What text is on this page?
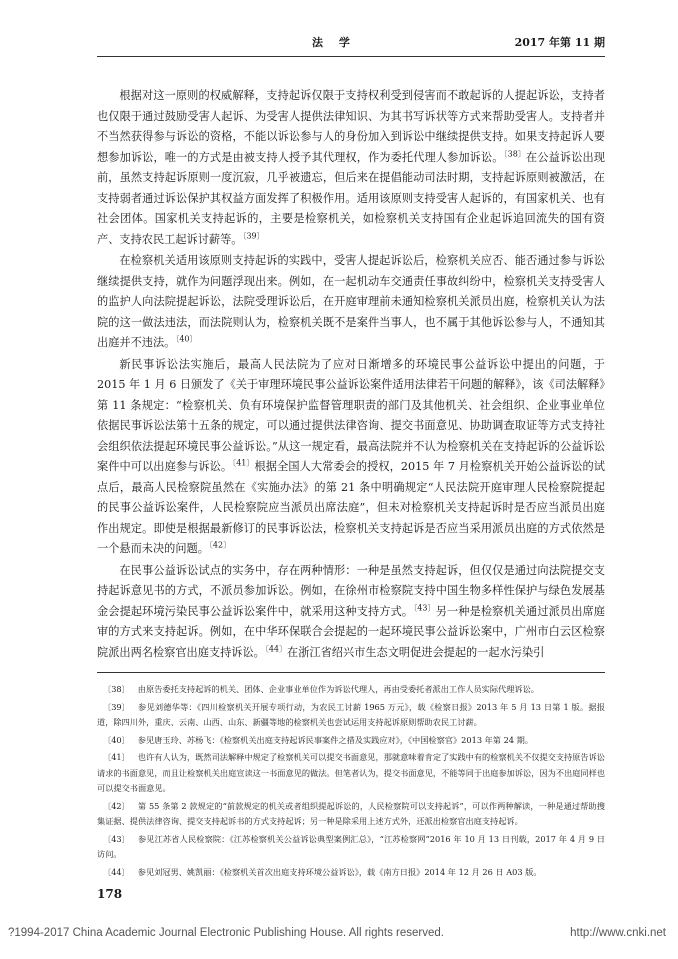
法 学	2017 年第 11 期

根据对这一原则的权威解释，支持起诉仅限于支持权利受到侵害而不敢起诉的人提起诉讼，支持者也仅限于通过鼓励受害人起诉、为受害人提供法律知识、为其书写诉状等方式来帮助受害人。支持者并不当然获得参与诉讼的资格，不能以诉讼参与人的身份加入到诉讼中继续提供支持。如果支持起诉人要想参加诉讼，唯一的方式是由被支持人授予其代理权，作为委托代理人参加诉讼。$^{〔38〕}$在公益诉讼出现前，虽然支持起诉原则一度沉寂，几乎被遗忘，但后来在提倡能动司法时期，支持起诉原则被激活，在支持弱者通过诉讼保护其权益方面发挥了积极作用。适用该原则支持受害人起诉的，有国家机关、也有社会团体。国家机关支持起诉的，主要是检察机关，如检察机关支持国有企业起诉追回流失的国有资产、支持农民工起诉讨薪等。$^{〔39〕}$

在检察机关适用该原则支持起诉的实践中，受害人提起诉讼后，检察机关应否、能否通过参与诉讼继续提供支持，就作为问题浮现出来。例如，在一起机动车交通责任事故纠纷中，检察机关支持受害人的监护人向法院提起诉讼，法院受理诉讼后，在开庭审理前未通知检察机关派员出庭，检察机关认为法院的这一做法违法，而法院则认为，检察机关既不是案件当事人，也不属于其他诉讼参与人，不通知其出庭并不违法。$^{〔40〕}$

新民事诉讼法实施后，最高人民法院为了应对日渐增多的环境民事公益诉讼中提出的问题，于 2015 年 1 月 6 日颁发了《关于审理环境民事公益诉讼案件适用法律若干问题的解释》，该《司法解释》第 11 条规定：“检察机关、负有环境保护监督管理职责的部门及其他机关、社会组织、企业事业单位依据民事诉讼法第十五条的规定，可以通过提供法律咨询、提交书面意见、协助调查取证等方式支持社会组织依法提起环境民事公益诉讼。”从这一规定看，最高法院并不认为检察机关在支持起诉的公益诉讼案件中可以出庭参与诉讼。$^{〔41〕}$根据全国人大常委会的授权，2015 年 7 月检察机关开始公益诉讼的试点后，最高人民检察院虽然在《实施办法》的第 21 条中明确规定“人民法院开庭审理人民检察院提起的民事公益诉讼案件，人民检察院应当派员出席法庭”，但未对检察机关支持起诉时是否应当派员出庭作出规定。即使是根据最新修订的民事诉讼法，检察机关支持起诉是否应当采用派员出庭的方式依然是一个悬而未决的问题。$^{〔42〕}$

在民事公益诉讼试点的实务中，存在两种情形：一种是虽然支持起诉，但仅仅是通过向法院提交支持起诉意见书的方式，不派员参加诉讼。例如，在徐州市检察院支持中国生物多样性保护与绿色发展基金会提起环境污染民事公益诉讼案件中，就采用这种支持方式。$^{〔43〕}$另一种是检察机关通过派员出席庭审的方式来支持起诉。例如，在中华环保联合会提起的一起环境民事公益诉讼案中，广州市白云区检察院派出两名检察官出庭支持诉讼。$^{〔44〕}$在浙江省绍兴市生态文明促进会提起的一起水污染引

〔38〕 由原告委托支持起诉的机关、团体、企业事业单位作为诉讼代理人，再由受委托者派出工作人员实际代理诉讼。

〔39〕 参见刘德华等：《四川检察机关开展专项行动，为农民工讨薪 1965 万元》，载《检察日报》2013 年 5 月 13 日第 1 版。据报道，除四川外，重庆、云南、山西、山东、新疆等地的检察机关也尝试运用支持起诉原则帮助农民工讨薪。

〔40〕 参见唐玉玲、苏杨飞：《检察机关出庭支持起诉民事案件之措及实践应对》，《中国检察官》2013 年第 24 期。

〔41〕 也许有人认为，既然司法解释中规定了检察机关可以提交书面意见，那就意味着肯定了实践中有的检察机关不仅提交支持原告诉讼请求的书面意见，而且让检察机关出庭宣读这一书面意见的做法。但笔者认为，提交书面意见，不能等同于出庭参加诉讼，因为不出庭同样也可以提交书面意见。

〔42〕 第 55 条第 2 款规定的“前款规定的机关或者组织提起诉讼的，人民检察院可以支持起诉”，可以作两种解读，一种是通过帮助搜集证据、提供法律咨询、提交支持起诉书的方式支持起诉；另一种是除采用上述方式外，还派出检察官出庭支持起诉。

〔43〕 参见江苏省人民检察院：《江苏检察机关公益诉讼典型案例汇总》，“江苏检察网”2016 年 10 月 13 日刊载，2017 年 4 月 9 日访问。

〔44〕 参见刘冠男、姚凯丽：《检察机关首次出庭支持环境公益诉讼》，载《南方日报》2014 年 12 月 26 日 A03 版。

178
?1994-2017 China Academic Journal Electronic Publishing House. All rights reserved.	http://www.cnki.net
